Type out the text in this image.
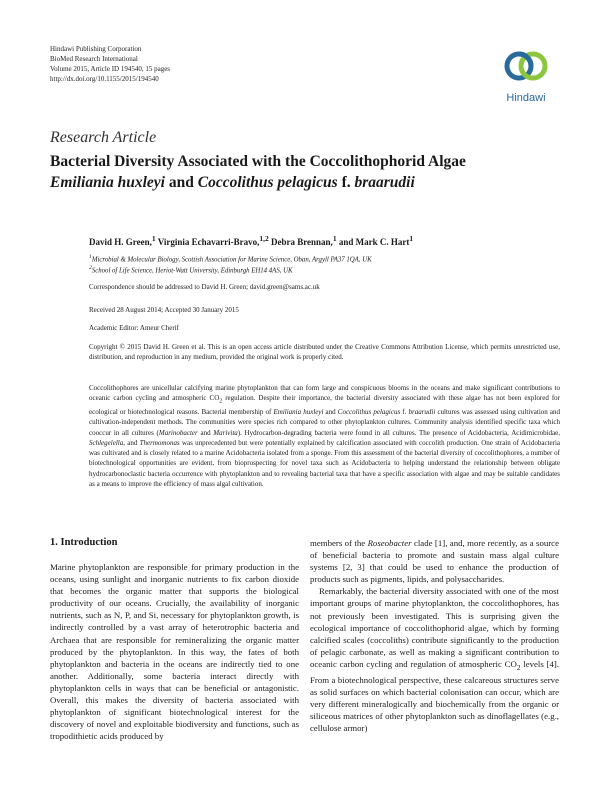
Hindawi Publishing Corporation
BioMed Research International
Volume 2015, Article ID 194540, 15 pages
http://dx.doi.org/10.1155/2015/194540
Hindawi
Research Article
Bacterial Diversity Associated with the Coccolithophorid Algae
Emiliania huxleyi and Coccolithus pelagicus f. braarudii
David H. Green,$^1$ Virginia Echavarri-Bravo,$^{1,2}$ Debra Brennan,$^1$ and Mark C. Hart$^1$
$^1$Microbial & Molecular Biology, Scottish Association for Marine Science, Oban, Argyll PA37 1QA, UK
$^2$School of Life Science, Heriot-Watt University, Edinburgh EH14 4AS, UK
Correspondence should be addressed to David H. Green; david.green@sams.ac.uk
Received 28 August 2014; Accepted 30 January 2015
Academic Editor: Ameur Cherif
Copyright © 2015 David H. Green et al. This is an open access article distributed under the Creative Commons Attribution License, which permits unrestricted use, distribution, and reproduction in any medium, provided the original work is properly cited.
Coccolithophores are unicellular calcifying marine phytoplankton that can form large and conspicuous blooms in the oceans and make significant contributions to oceanic carbon cycling and atmospheric $CO_2$ regulation. Despite their importance, the bacterial diversity associated with these algae has not been explored for ecological or biotechnological reasons. Bacterial membership of Emiliania huxleyi and Coccolithus pelagicus f. braarudii cultures was assessed using cultivation and cultivation-independent methods. The communities were species rich compared to other phytoplankton cultures. Community analysis identified specific taxa which cooccur in all cultures (Marinobacter and Marivita). Hydrocarbon-degrading bacteria were found in all cultures. The presence of Acidobacteria, Acidimicrobidae, Schlegelella, and Thermomonas was unprecedented but were potentially explained by calcification associated with coccolith production. One strain of Acidobacteria was cultivated and is closely related to a marine Acidobacteria isolated from a sponge. From this assessment of the bacterial diversity of coccolithophores, a number of biotechnological opportunities are evident, from bioprospecting for novel taxa such as Acidobacteria to helping understand the relationship between obligate hydrocarbonoclastic bacteria occurrence with phytoplankton and to revealing bacterial taxa that have a specific association with algae and may be suitable candidates as a means to improve the efficiency of mass algal cultivation.
1. Introduction

Marine phytoplankton are responsible for primary production in the oceans, using sunlight and inorganic nutrients to fix carbon dioxide that becomes the organic matter that supports the biological productivity of our oceans. Crucially, the availability of inorganic nutrients, such as N, P, and Si, necessary for phytoplankton growth, is indirectly controlled by a vast array of heterotrophic bacteria and Archaea that are responsible for remineralizing the organic matter produced by the phytoplankton. In this way, the fates of both phytoplankton and bacteria in the oceans are indirectly tied to one another. Additionally, some bacteria interact directly with phytoplankton cells in ways that can be beneficial or antagonistic. Overall, this makes the diversity of bacteria associated with phytoplankton of significant biotechnological interest for the discovery of novel and exploitable biodiversity and functions, such as tropodithietic acids produced by

members of the Roseobacter clade [1], and, more recently, as a source of beneficial bacteria to promote and sustain mass algal culture systems [2, 3] that could be used to enhance the production of products such as pigments, lipids, and polysaccharides.

Remarkably, the bacterial diversity associated with one of the most important groups of marine phytoplankton, the coccolithophores, has not previously been investigated. This is surprising given the ecological importance of coccolithophorid algae, which by forming calcified scales (coccoliths) contribute significantly to the production of pelagic carbonate, as well as making a significant contribution to oceanic carbon cycling and regulation of atmospheric $CO_2$ levels [4]. From a biotechnological perspective, these calcareous structures serve as solid surfaces on which bacterial colonisation can occur, which are very different mineralogically and biochemically from the organic or siliceous matrices of other phytoplankton such as dinoflagellates (e.g., cellulose armor)
